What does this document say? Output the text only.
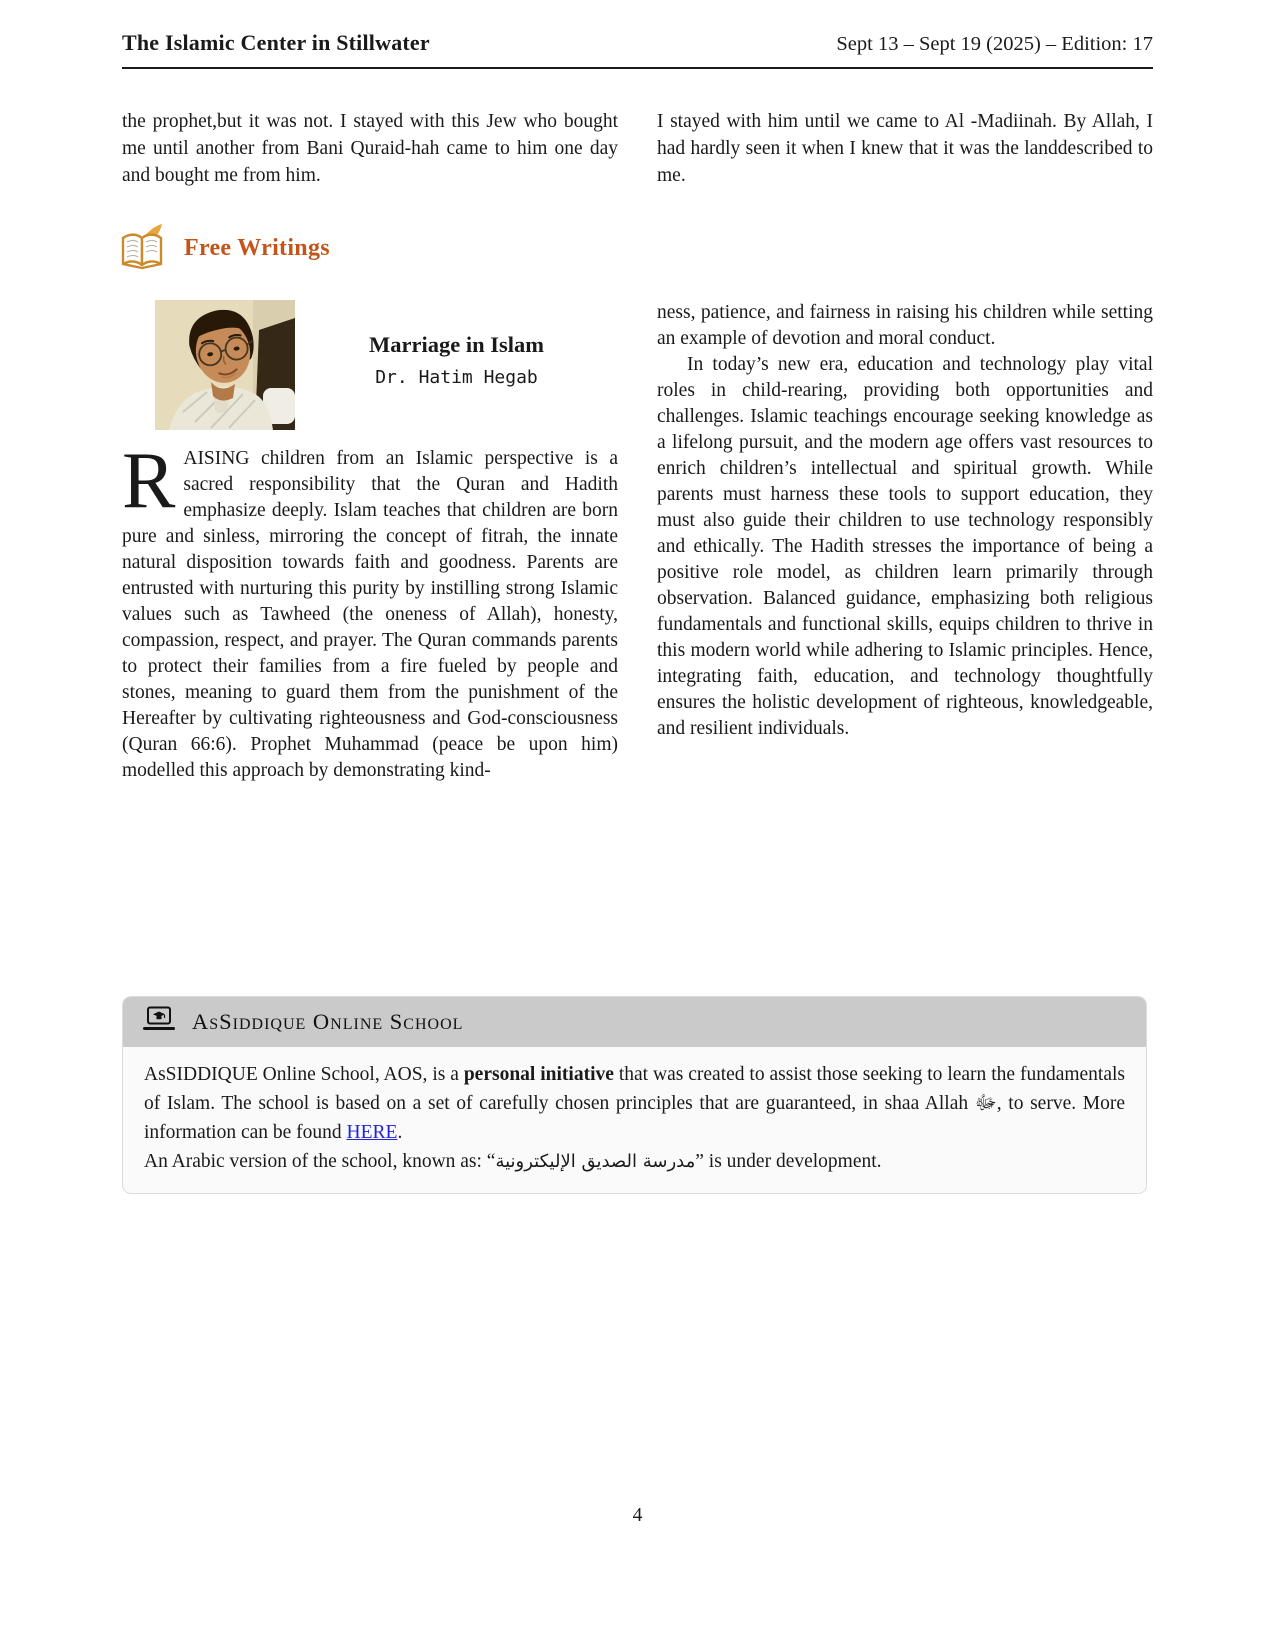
The Islamic Center in Stillwater	Sept 13 – Sept 19 (2025) – Edition: 17
the prophet,but it was not. I stayed with this Jew who bought me until another from Bani Quraid-hah came to him one day and bought me from him.
I stayed with him until we came to Al -Madiinah. By Allah, I had hardly seen it when I knew that it was the landdescribed to me.
Free Writings
Marriage in Islam
Dr. Hatim Hegab

RAISING children from an Islamic perspective is a sacred responsibility that the Quran and Hadith emphasize deeply. Islam teaches that children are born pure and sinless, mirroring the concept of fitrah, the innate natural disposition towards faith and goodness. Parents are entrusted with nurturing this purity by instilling strong Islamic values such as Tawheed (the oneness of Allah), honesty, compassion, respect, and prayer. The Quran commands parents to protect their families from a fire fueled by people and stones, meaning to guard them from the punishment of the Hereafter by cultivating righteousness and God-consciousness (Quran 66:6). Prophet Muhammad (peace be upon him) modelled this approach by demonstrating kind-

ness, patience, and fairness in raising his children while setting an example of devotion and moral conduct.

In today’s new era, education and technology play vital roles in child-rearing, providing both opportunities and challenges. Islamic teachings encourage seeking knowledge as a lifelong pursuit, and the modern age offers vast resources to enrich children’s intellectual and spiritual growth. While parents must harness these tools to support education, they must also guide their children to use technology responsibly and ethically. The Hadith stresses the importance of being a positive role model, as children learn primarily through observation. Balanced guidance, emphasizing both religious fundamentals and functional skills, equips children to thrive in this modern world while adhering to Islamic principles. Hence, integrating faith, education, and technology thoughtfully ensures the holistic development of righteous, knowledgeable, and resilient individuals.

AsSiddique Online School

AsSIDDIQUE Online School, AOS, is a personal initiative that was created to assist those seeking to learn the fundamentals of Islam. The school is based on a set of carefully chosen principles that are guaranteed, in shaa Allah ﷻ, to serve. More information can be found HERE.

An Arabic version of the school, known as: “مدرسة الصديق الإليكترونية” is under development.

4
